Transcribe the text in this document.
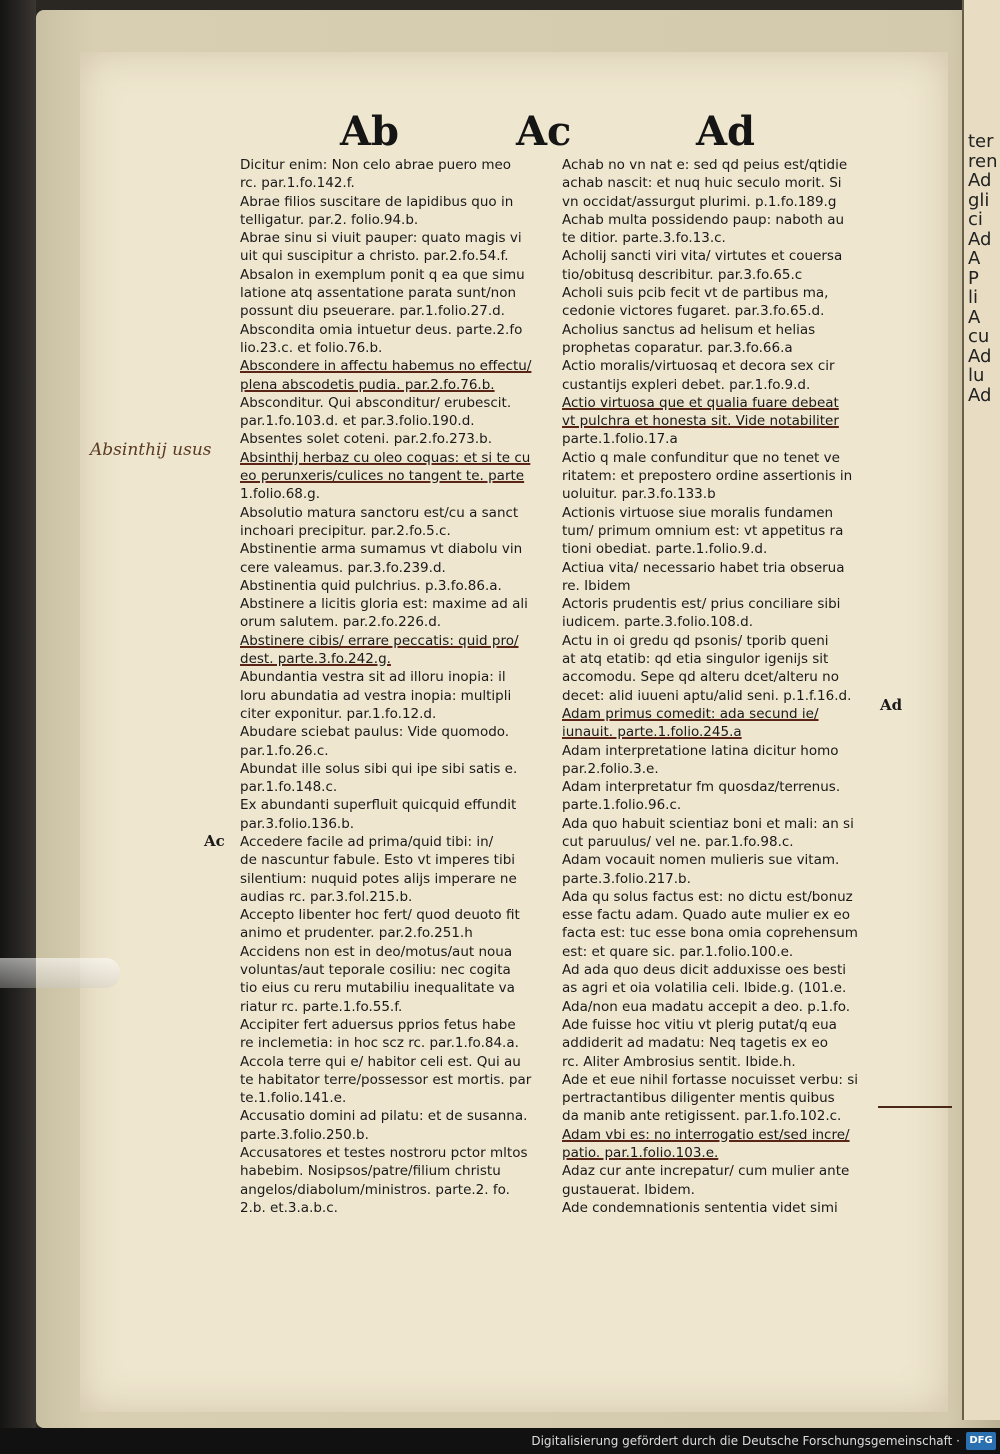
ter
ren
Ad
gli
ci
Ad
A
P
li
A
cu
Ad
lu
Ad
Ab	Ac	Ad
Dicitur enim: Non celo abrae puero meo
rc. par.1.fo.142.f.
Abrae filios suscitare de lapidibus quo in
telligatur. par.2. folio.94.b.
Abrae sinu si viuit pauper: quato magis vi
uit qui suscipitur a christo. par.2.fo.54.f.
Absalon in exemplum ponit q ea que simu
latione atq assentatione parata sunt/non
possunt diu pseuerare. par.1.folio.27.d.
Abscondita omia intuetur deus. parte.2.fo
lio.23.c. et folio.76.b.
Abscondere in affectu habemus no effectu/
plena abscodetis pudia. par.2.fo.76.b.
Absconditur. Qui absconditur/ erubescit.
par.1.fo.103.d. et par.3.folio.190.d.
Absentes solet coteni. par.2.fo.273.b.
Absinthij herbaz cu oleo coquas: et si te cu
eo perunxeris/culices no tangent te. parte
1.folio.68.g.
Absolutio matura sanctoru est/cu a sanct
inchoari precipitur. par.2.fo.5.c.
Abstinentie arma sumamus vt diabolu vin
cere valeamus. par.3.fo.239.d.
Abstinentia quid pulchrius. p.3.fo.86.a.
Abstinere a licitis gloria est: maxime ad ali
orum salutem. par.2.fo.226.d.
Abstinere cibis/ errare peccatis: quid pro/
dest. parte.3.fo.242.g.
Abundantia vestra sit ad illoru inopia: il
loru abundatia ad vestra inopia: multipli
citer exponitur. par.1.fo.12.d.
Abudare sciebat paulus: Vide quomodo.
par.1.fo.26.c.
Abundat ille solus sibi qui ipe sibi satis e.
par.1.fo.148.c.
Ex abundanti superfluit quicquid effundit
par.3.folio.136.b.
Accedere facile ad prima/quid tibi: in/
de nascuntur fabule. Esto vt imperes tibi
silentium: nuquid potes alijs imperare ne
audias rc. par.3.fol.215.b.
Accepto libenter hoc fert/ quod deuoto fit
animo et prudenter. par.2.fo.251.h
Accidens non est in deo/motus/aut noua
voluntas/aut teporale cosiliu: nec cogita
tio eius cu reru mutabiliu inequalitate va
riatur rc. parte.1.fo.55.f.
Accipiter fert aduersus pprios fetus habe
re inclemetia: in hoc scz rc. par.1.fo.84.a.
Accola terre qui e/ habitor celi est. Qui au
te habitator terre/possessor est mortis. par
te.1.folio.141.e.
Accusatio domini ad pilatu: et de susanna.
parte.3.folio.250.b.
Accusatores et testes nostroru pctor mltos
habebim. Nosipsos/patre/filium christu
angelos/diabolum/ministros. parte.2. fo.
2.b. et.3.a.b.c.
Achab no vn nat e: sed qd peius est/qtidie
achab nascit: et nuq huic seculo morit. Si
vn occidat/assurgut plurimi. p.1.fo.189.g
Achab multa possidendo paup: naboth au
te ditior. parte.3.fo.13.c.
Acholij sancti viri vita/ virtutes et couersa
tio/obitusq describitur. par.3.fo.65.c
Acholi suis pcib fecit vt de partibus ma,
cedonie victores fugaret. par.3.fo.65.d.
Acholius sanctus ad helisum et helias
prophetas coparatur. par.3.fo.66.a
Actio moralis/virtuosaq et decora sex cir
custantijs expleri debet. par.1.fo.9.d.
Actio virtuosa que et qualia fuare debeat
vt pulchra et honesta sit. Vide notabiliter
parte.1.folio.17.a
Actio q male confunditur que no tenet ve
ritatem: et prepostero ordine assertionis in
uoluitur. par.3.fo.133.b
Actionis virtuose siue moralis fundamen
tum/ primum omnium est: vt appetitus ra
tioni obediat. parte.1.folio.9.d.
Actiua vita/ necessario habet tria obserua
re. Ibidem
Actoris prudentis est/ prius conciliare sibi
iudicem. parte.3.folio.108.d.
Actu in oi gredu qd psonis/ tporib queni
at atq etatib: qd etia singulor igenijs sit
accomodu. Sepe qd alteru dcet/alteru no
decet: alid iuueni aptu/alid seni. p.1.f.16.d.
Adam primus comedit: ada secund ie/
iunauit. parte.1.folio.245.a
Adam interpretatione latina dicitur homo
par.2.folio.3.e.
Adam interpretatur fm quosdaz/terrenus.
parte.1.folio.96.c.
Ada quo habuit scientiaz boni et mali: an si
cut paruulus/ vel ne. par.1.fo.98.c.
Adam vocauit nomen mulieris sue vitam.
parte.3.folio.217.b.
Ada qu solus factus est: no dictu est/bonuz
esse factu adam. Quado aute mulier ex eo
facta est: tuc esse bona omia coprehensum
est: et quare sic. par.1.folio.100.e.
Ad ada quo deus dicit adduxisse oes besti
as agri et oia volatilia celi. Ibide.g. (101.e.
Ada/non eua madatu accepit a deo. p.1.fo.
Ade fuisse hoc vitiu vt plerig putat/q eua
addiderit ad madatu: Neq tagetis ex eo
rc. Aliter Ambrosius sentit. Ibide.h.
Ade et eue nihil fortasse nocuisset verbu: si
pertractantibus diligenter mentis quibus
da manib ante retigissent. par.1.fo.102.c.
Adam vbi es: no interrogatio est/sed incre/
patio. par.1.folio.103.e.
Adaz cur ante increpatur/ cum mulier ante
gustauerat. Ibidem.
Ade condemnationis sententia videt simi
Absinthij usus
Ac
Ad
Digitalisierung gefördert durch die Deutsche Forschungsgemeinschaft · DFG
